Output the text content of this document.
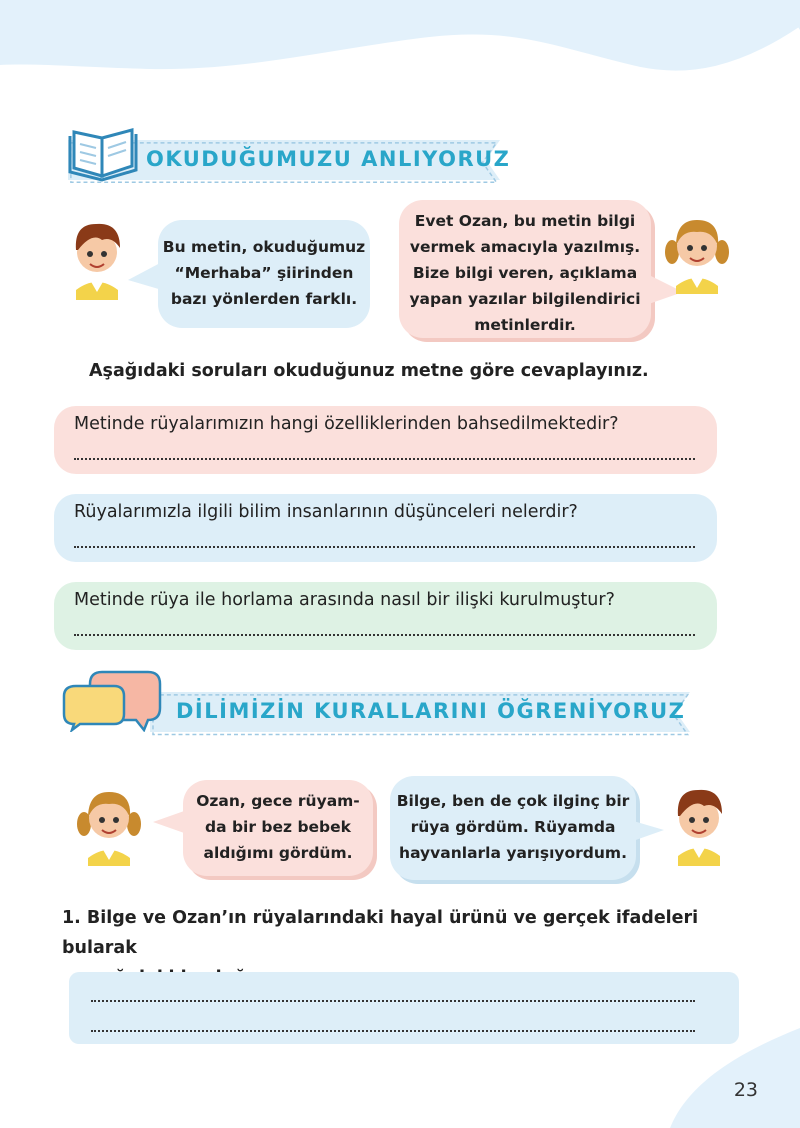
OKUDUĞUMUZU ANLIYORUZ
Bu metin, okuduğumuz
“Merhaba” şiirinden
bazı yönlerden farklı.
Evet Ozan, bu metin bilgi
vermek amacıyla yazılmış.
Bize bilgi veren, açıklama
yapan yazılar bilgilendirici
metinlerdir.
Aşağıdaki soruları okuduğunuz metne göre cevaplayınız.
Metinde rüyalarımızın hangi özelliklerinden bahsedilmektedir?
Rüyalarımızla ilgili bilim insanlarının düşünceleri nelerdir?
Metinde rüya ile horlama arasında nasıl bir ilişki kurulmuştur?
DİLİMİZİN KURALLARINI ÖĞRENİYORUZ
Ozan, gece rüyam-
da bir bez bebek
aldığımı gördüm.
Bilge, ben de çok ilginç bir
rüya gördüm. Rüyamda
hayvanlarla yarışıyordum.
1. Bilge ve Ozan’ın rüyalarındaki hayal ürünü ve gerçek ifadeleri bularak
23
